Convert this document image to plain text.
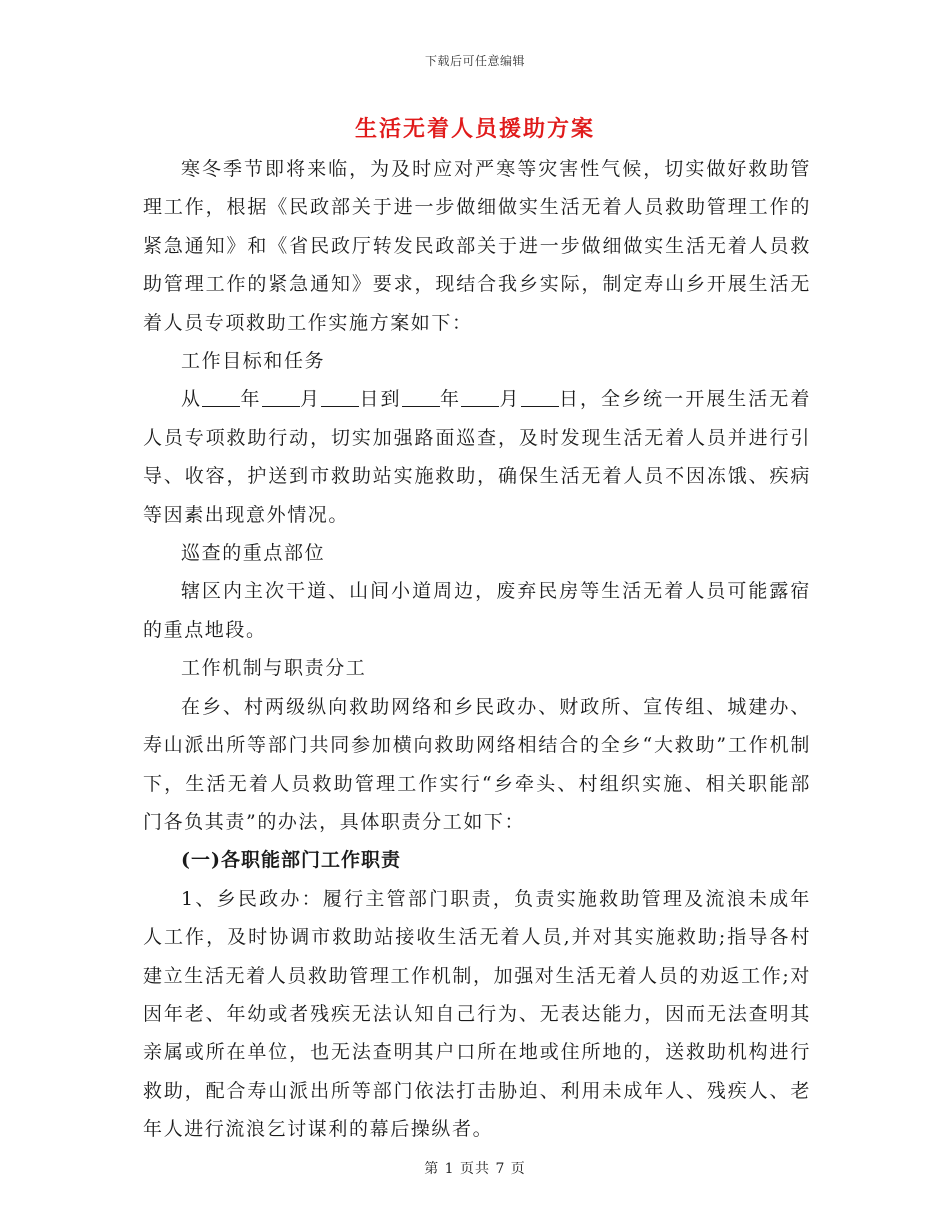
下载后可任意编辑
生活无着人员援助方案

寒冬季节即将来临，为及时应对严寒等灾害性气候，切实做好救助管理工作，根据《民政部关于进一步做细做实生活无着人员救助管理工作的紧急通知》和《省民政厅转发民政部关于进一步做细做实生活无着人员救助管理工作的紧急通知》要求，现结合我乡实际，制定寿山乡开展生活无着人员专项救助工作实施方案如下：

工作目标和任务

从 年 月 日到 年 月 日，全乡统一开展生活无着人员专项救助行动，切实加强路面巡查，及时发现生活无着人员并进行引导、收容，护送到市救助站实施救助，确保生活无着人员不因冻饿、疾病等因素出现意外情况。

巡查的重点部位

辖区内主次干道、山间小道周边，废弃民房等生活无着人员可能露宿的重点地段。

工作机制与职责分工

在乡、村两级纵向救助网络和乡民政办、财政所、宣传组、城建办、寿山派出所等部门共同参加横向救助网络相结合的全乡“大救助”工作机制下，生活无着人员救助管理工作实行“乡牵头、村组织实施、相关职能部门各负其责”的办法，具体职责分工如下：

(一)各职能部门工作职责

1、乡民政办：履行主管部门职责，负责实施救助管理及流浪未成年人工作，及时协调市救助站接收生活无着人员,并对其实施救助;指导各村建立生活无着人员救助管理工作机制，加强对生活无着人员的劝返工作;对因年老、年幼或者残疾无法认知自己行为、无表达能力，因而无法查明其亲属或所在单位，也无法查明其户口所在地或住所地的，送救助机构进行救助，配合寿山派出所等部门依法打击胁迫、利用未成年人、残疾人、老年人进行流浪乞讨谋利的幕后操纵者。

第 1 页共 7 页
